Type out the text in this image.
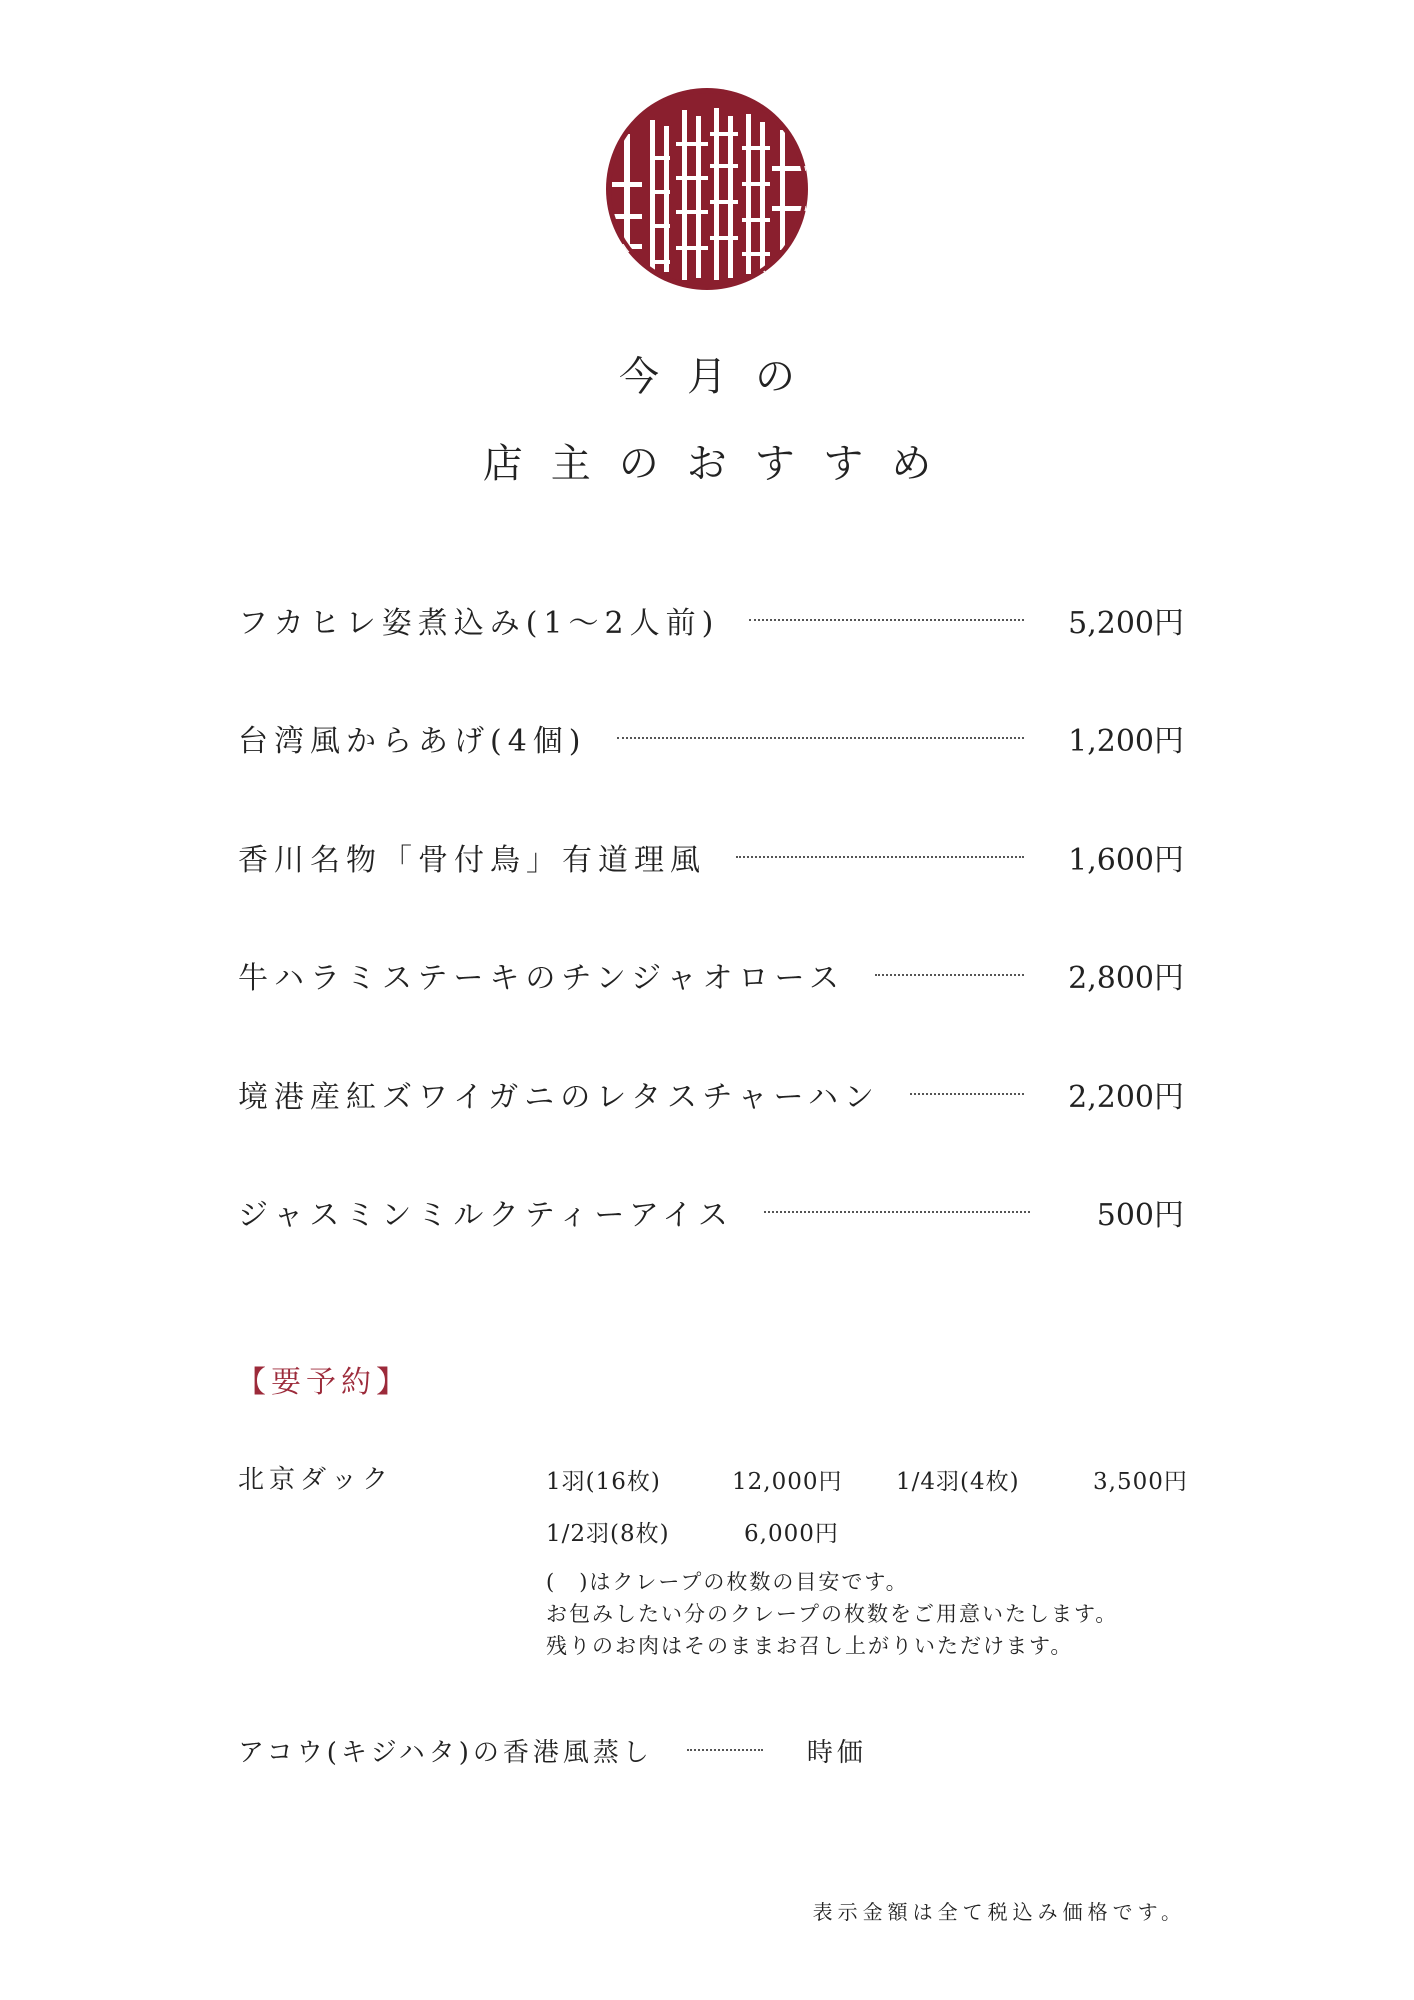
今月の
店主のおすすめ
フカヒレ姿煮込み(1〜2人前)	5,200円
台湾風からあげ(4個)	1,200円
香川名物「骨付鳥」有道理風	1,600円
牛ハラミステーキのチンジャオロース	2,800円
境港産紅ズワイガニのレタスチャーハン	2,200円
ジャスミンミルクティーアイス	500円
【要予約】
北京ダック	1羽(16枚)	12,000円 1/4羽(4枚)	3,500円
1/2羽(8枚)	6,000円
(　)はクレープの枚数の目安です。
お包みしたい分のクレープの枚数をご用意いたします。
残りのお肉はそのままお召し上がりいただけます。
アコウ(キジハタ)の香港風蒸し	時価
表示金額は全て税込み価格です。
